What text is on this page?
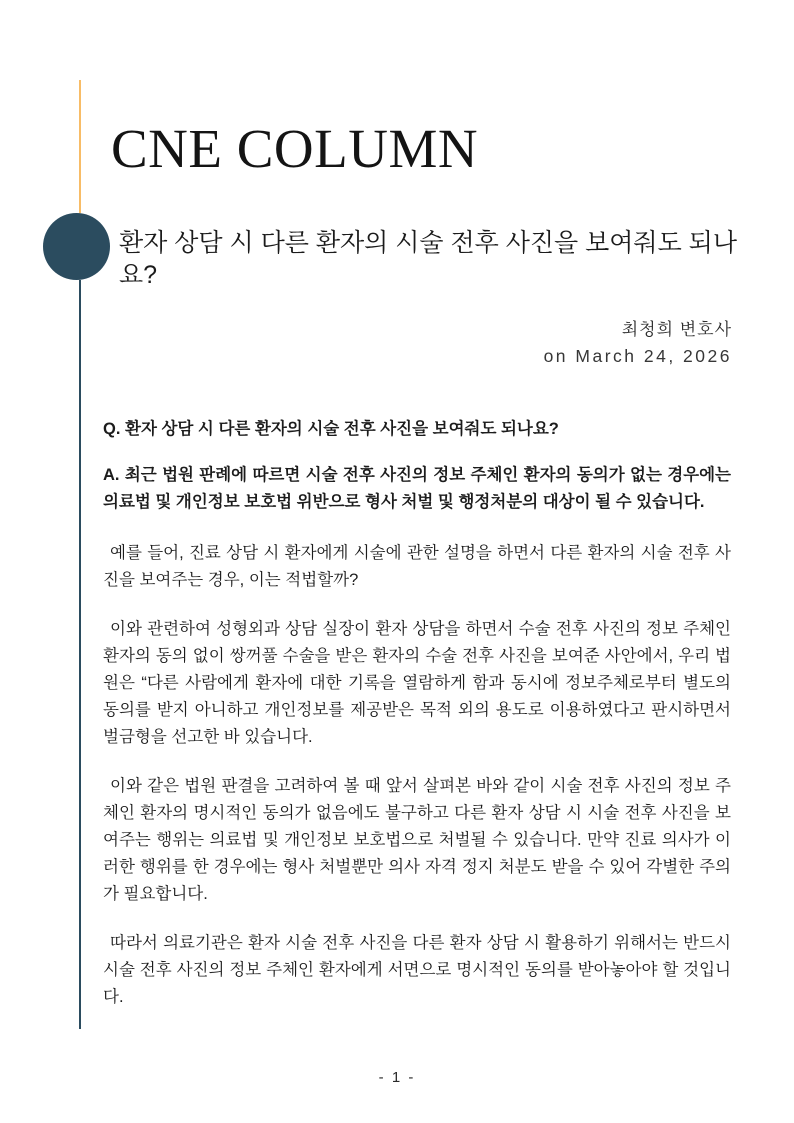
CNE COLUMN
환자 상담 시 다른 환자의 시술 전후 사진을 보여줘도 되나요?
최청희 변호사
on March 24, 2026

Q. 환자 상담 시 다른 환자의 시술 전후 사진을 보여줘도 되나요?

A. 최근 법원 판례에 따르면 시술 전후 사진의 정보 주체인 환자의 동의가 없는 경우에는 의료법 및 개인정보 보호법 위반으로 형사 처벌 및 행정처분의 대상이 될 수 있습니다.

예를 들어, 진료 상담 시 환자에게 시술에 관한 설명을 하면서 다른 환자의 시술 전후 사진을 보여주는 경우, 이는 적법할까?

이와 관련하여 성형외과 상담 실장이 환자 상담을 하면서 수술 전후 사진의 정보 주체인 환자의 동의 없이 쌍꺼풀 수술을 받은 환자의 수술 전후 사진을 보여준 사안에서, 우리 법원은 “다른 사람에게 환자에 대한 기록을 열람하게 함과 동시에 정보주체로부터 별도의 동의를 받지 아니하고 개인정보를 제공받은 목적 외의 용도로 이용하였다고 판시하면서 벌금형을 선고한 바 있습니다.

이와 같은 법원 판결을 고려하여 볼 때 앞서 살펴본 바와 같이 시술 전후 사진의 정보 주체인 환자의 명시적인 동의가 없음에도 불구하고 다른 환자 상담 시 시술 전후 사진을 보여주는 행위는 의료법 및 개인정보 보호법으로 처벌될 수 있습니다. 만약 진료 의사가 이러한 행위를 한 경우에는 형사 처벌뿐만 의사 자격 정지 처분도 받을 수 있어 각별한 주의가 필요합니다.

따라서 의료기관은 환자 시술 전후 사진을 다른 환자 상담 시 활용하기 위해서는 반드시 시술 전후 사진의 정보 주체인 환자에게 서면으로 명시적인 동의를 받아놓아야 할 것입니다.

- 1 -
